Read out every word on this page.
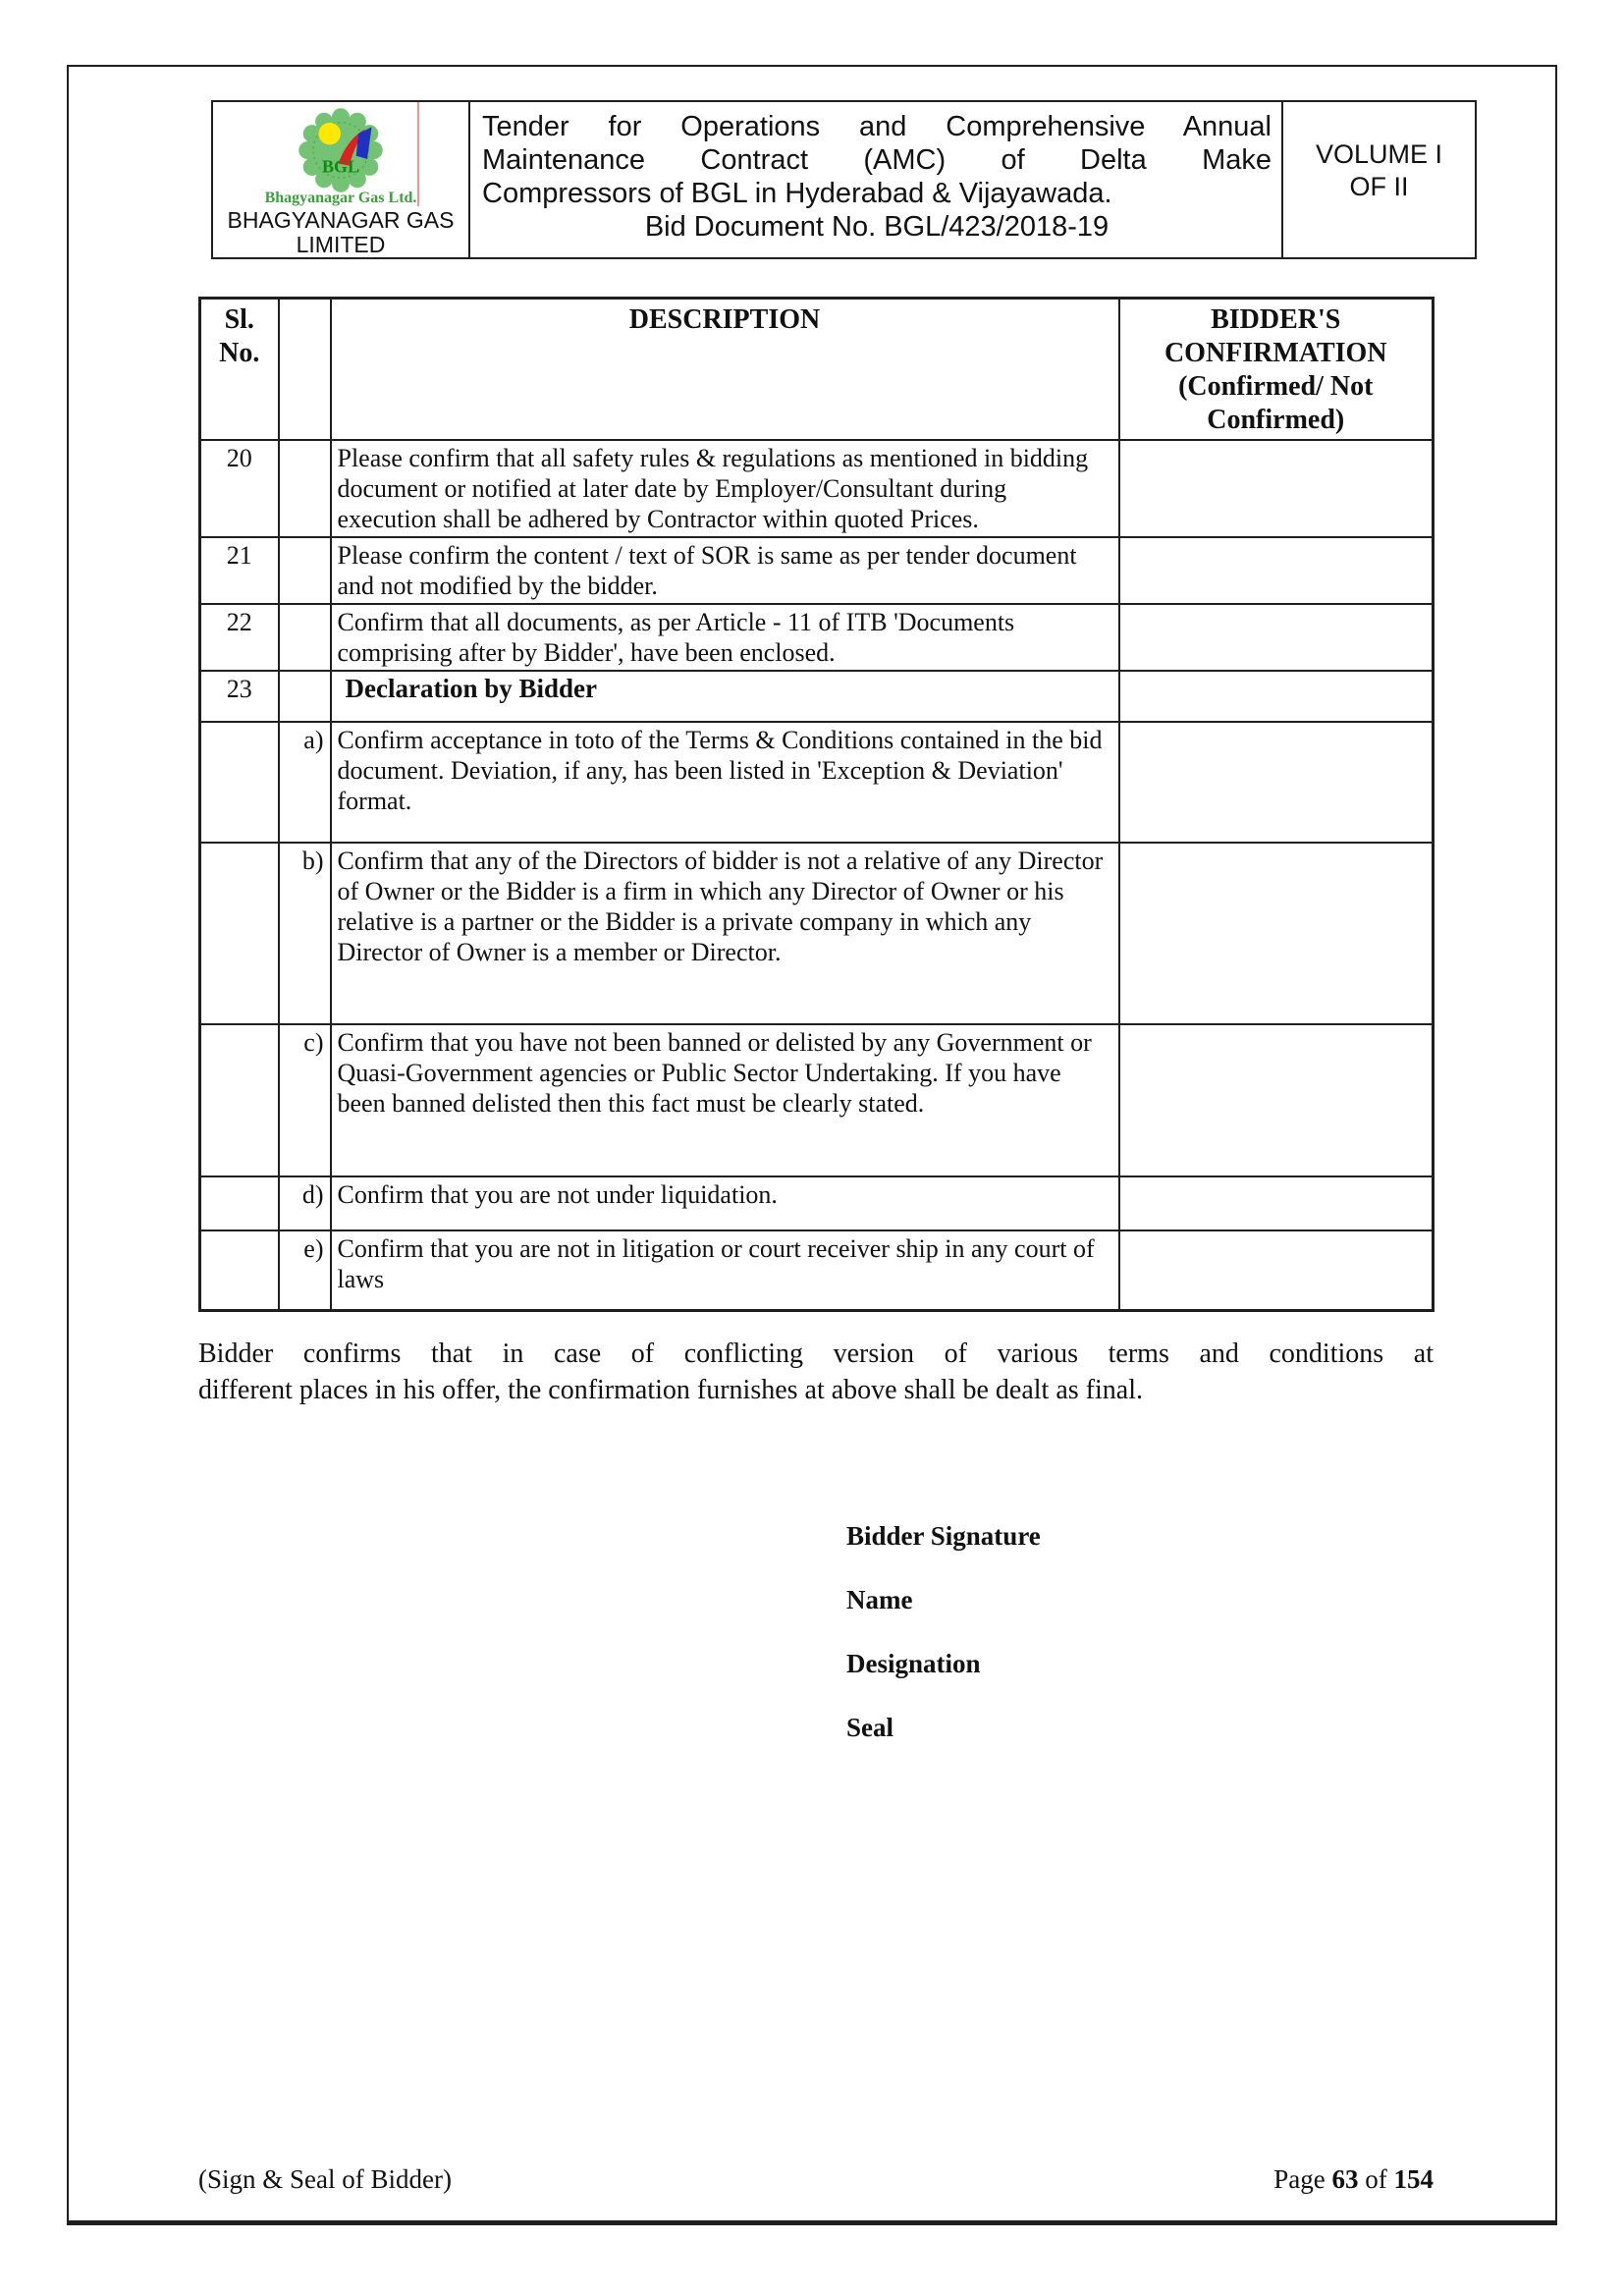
BGL
Bhagyanagar Gas Ltd.
BHAGYANAGAR GAS LIMITED
Tender for Operations and Comprehensive Annual
Maintenance Contract (AMC) of Delta Make
Compressors of BGL in Hyderabad & Vijayawada.
Bid Document No. BGL/423/2018-19
VOLUME I
OF II
Sl. No.		DESCRIPTION	BIDDER'S CONFIRMATION (Confirmed/ Not Confirmed)
20		Please confirm that all safety rules & regulations as mentioned in bidding document or notified at later date by Employer/Consultant during execution shall be adhered by Contractor within quoted Prices.	
21		Please confirm the content / text of SOR is same as per tender document and not modified by the bidder.	
22		Confirm that all documents, as per Article - 11 of ITB 'Documents comprising after by Bidder', have been enclosed.	
23		Declaration by Bidder	
	a)	Confirm acceptance in toto of the Terms & Conditions contained in the bid document. Deviation, if any, has been listed in 'Exception & Deviation' format.	
	b)	Confirm that any of the Directors of bidder is not a relative of any Director of Owner or the Bidder is a firm in which any Director of Owner or his relative is a partner or the Bidder is a private company in which any Director of Owner is a member or Director.	
	c)	Confirm that you have not been banned or delisted by any Government or Quasi-Government agencies or Public Sector Undertaking. If you have been banned delisted then this fact must be clearly stated.	
	d)	Confirm that you are not under liquidation.	
	e)	Confirm that you are not in litigation or court receiver ship in any court of laws	
Bidder confirms that in case of conflicting version of various terms and conditions at
different places in his offer, the confirmation furnishes at above shall be dealt as final.
Bidder Signature
Name
Designation
Seal
(Sign & Seal of Bidder)	Page 63 of 154
